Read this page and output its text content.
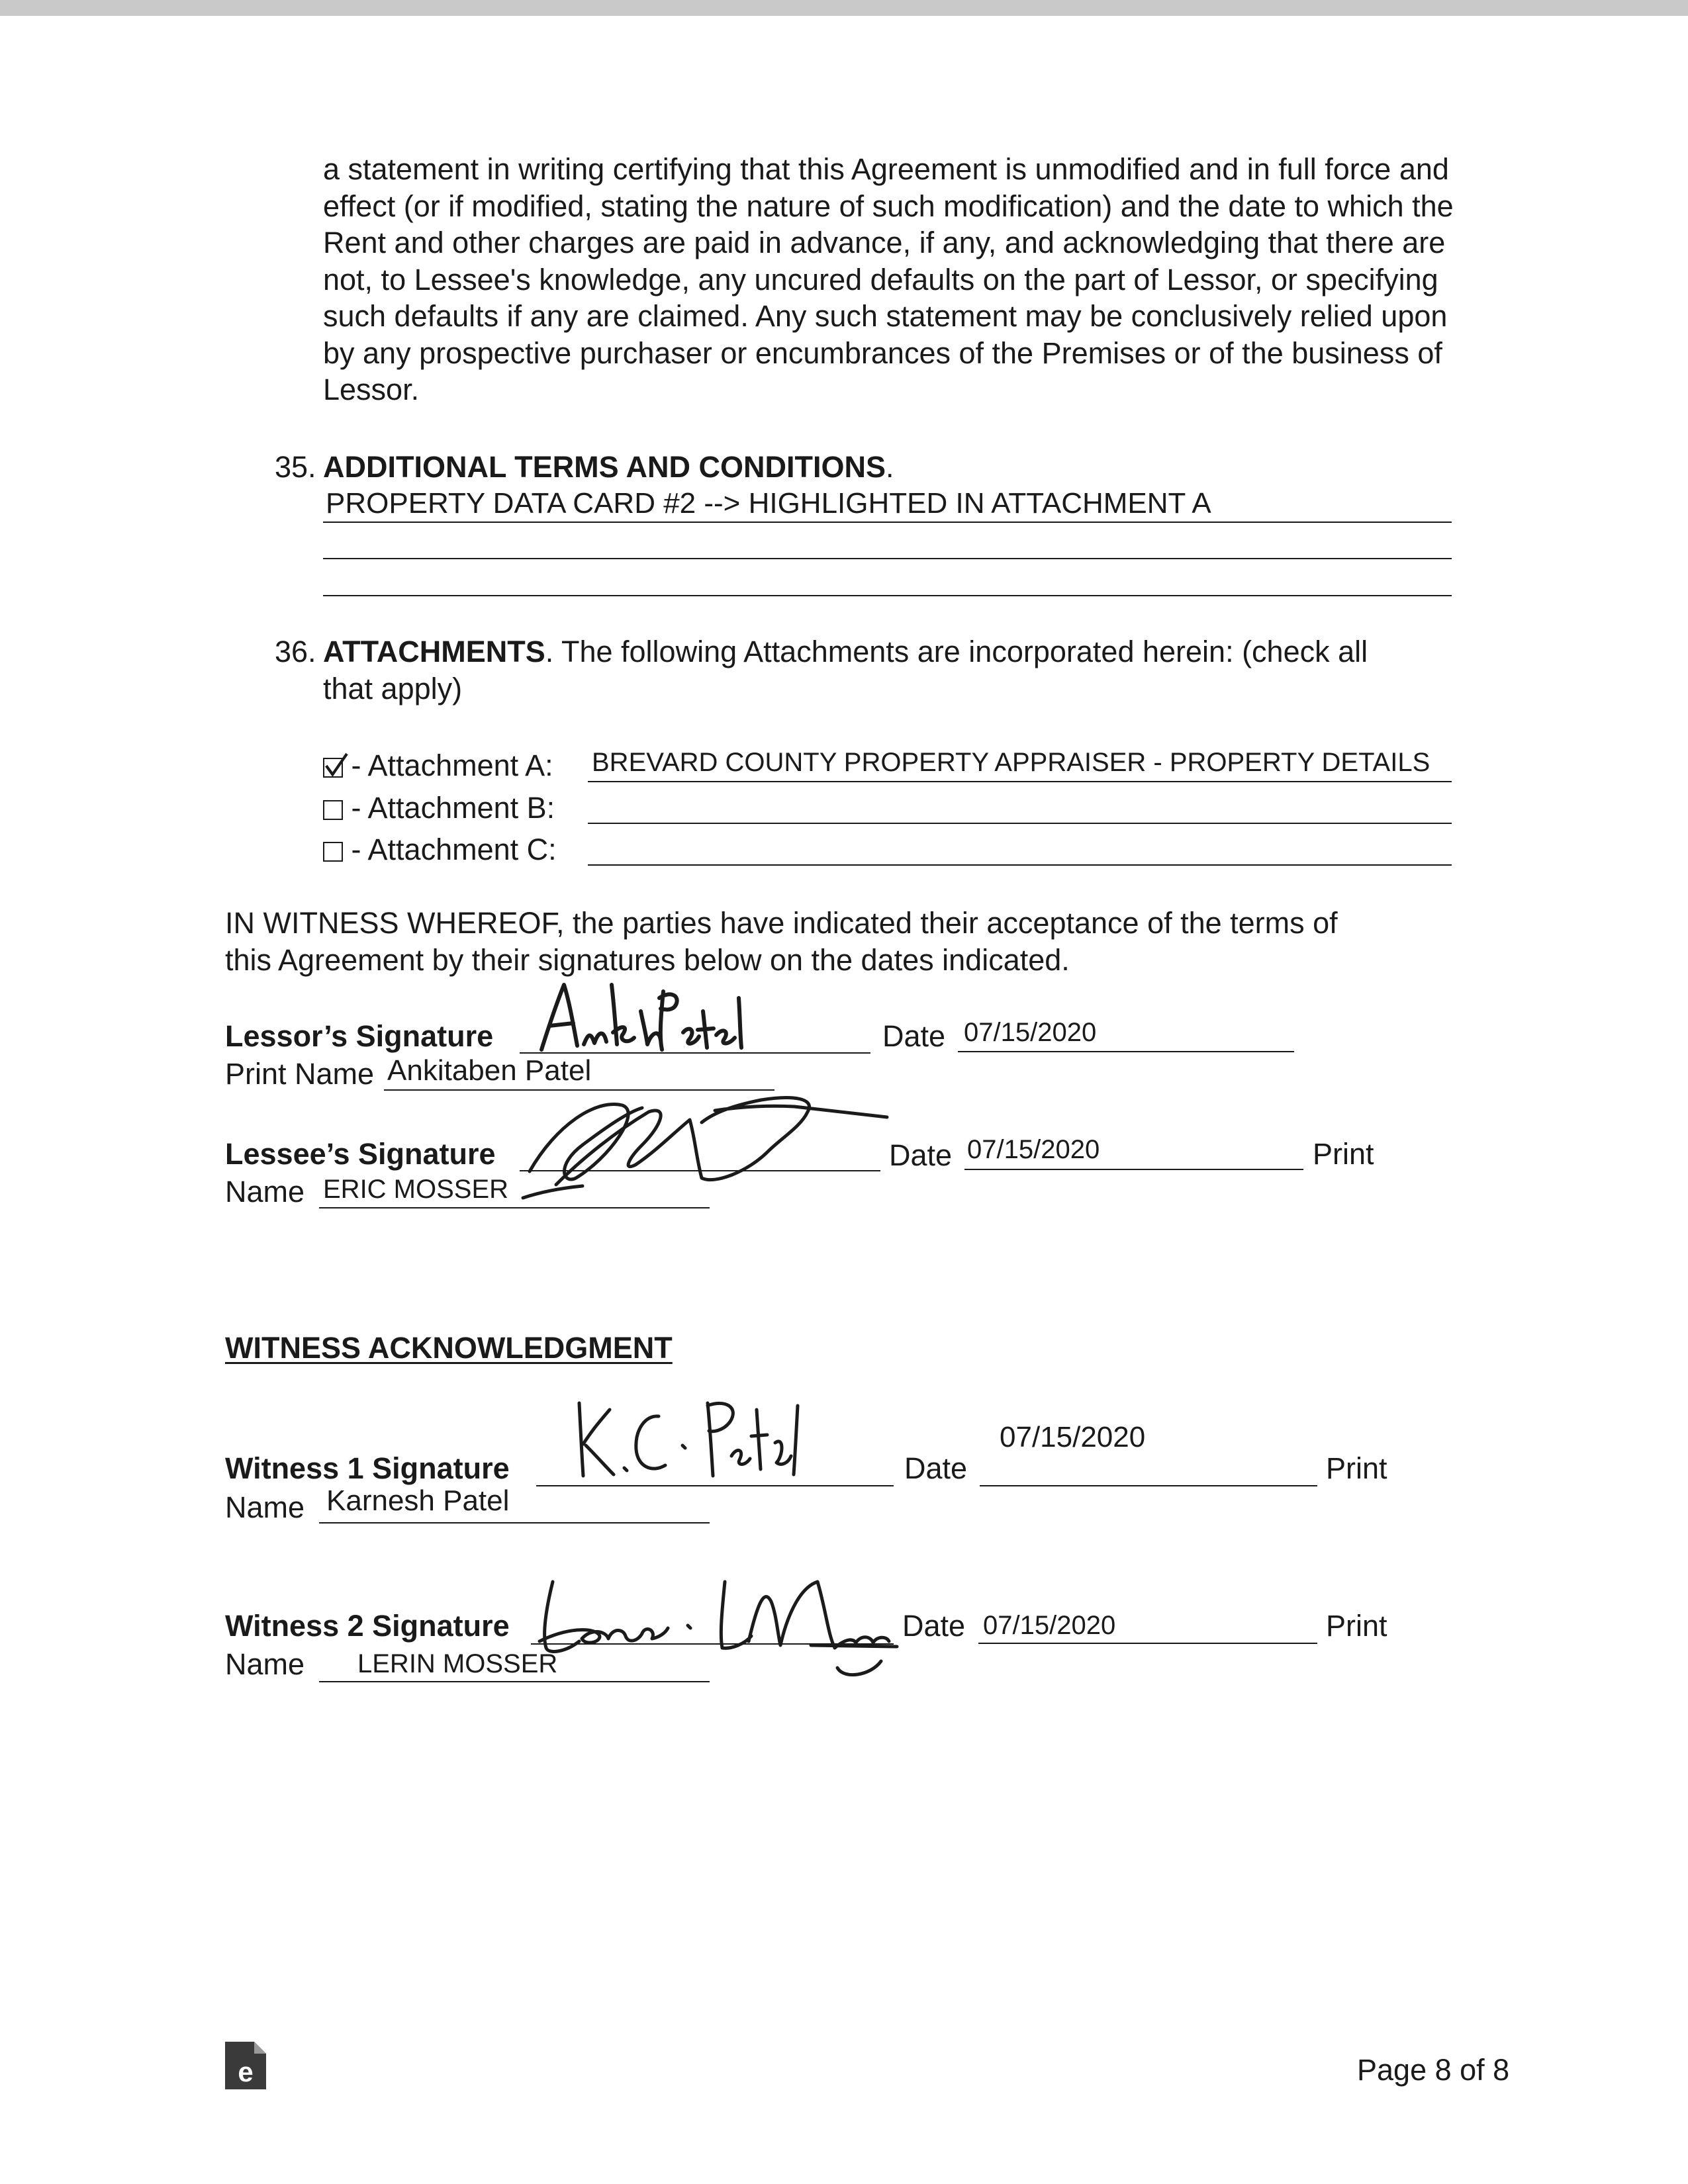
a statement in writing certifying that this Agreement is unmodified and in full force and effect (or if modified, stating the nature of such modification) and the date to which the Rent and other charges are paid in advance, if any, and acknowledging that there are not, to Lessee's knowledge, any uncured defaults on the part of Lessor, or specifying such defaults if any are claimed. Any such statement may be conclusively relied upon by any prospective purchaser or encumbrances of the Premises or of the business of Lessor.
35. ADDITIONAL TERMS AND CONDITIONS.
PROPERTY DATA CARD #2 --> HIGHLIGHTED IN ATTACHMENT A
36. ATTACHMENTS. The following Attachments are incorporated herein: (check all
that apply)
- Attachment A: BREVARD COUNTY PROPERTY APPRAISER - PROPERTY DETAILS
- Attachment B:
- Attachment C:
IN WITNESS WHEREOF, the parties have indicated their acceptance of the terms of
this Agreement by their signatures below on the dates indicated.
Lessor’s Signature	Date 07/15/2020
Print Name Ankitaben Patel
Lessee’s Signature	Date 07/15/2020	Print
Name ERIC MOSSER
WITNESS ACKNOWLEDGMENT
Witness 1 Signature	Date
07/15/2020
Print
Name Karnesh Patel
Witness 2 Signature	Date 07/15/2020	Print
Name LERIN MOSSER
e	Page 8 of 8
